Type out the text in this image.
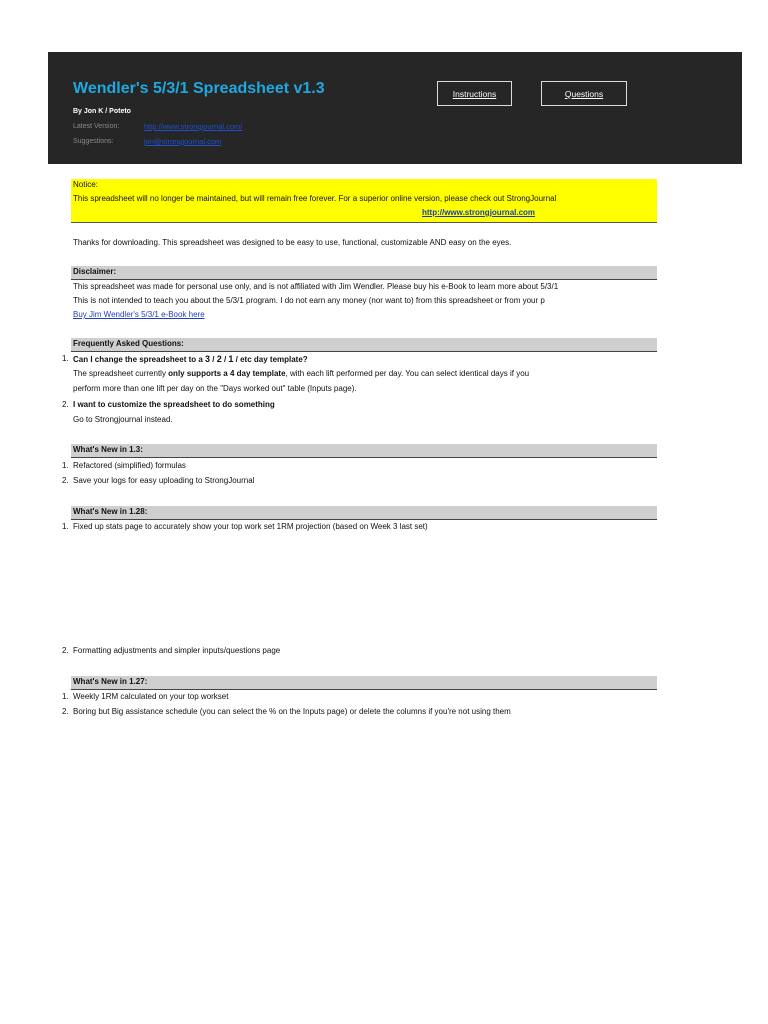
Wendler's 5/3/1 Spreadsheet v1.3
By Jon K / Poteto
Latest Version:	http://www.strongjournal.com/
Suggestions:	jon@strongjournal.com
Instructions	Questions
Notice:
This spreadsheet will no longer be maintained, but will remain free forever. For a superior online version, please check out StrongJournal
http://www.strongjournal.com
Thanks for downloading. This spreadsheet was designed to be easy to use, functional, customizable AND easy on the eyes.
Disclaimer:
This spreadsheet was made for personal use only, and is not affiliated with Jim Wendler. Please buy his e-Book to learn more about 5/3/1
This is not intended to teach you about the 5/3/1 program. I do not earn any money (nor want to) from this spreadsheet or from your p
Buy Jim Wendler's 5/3/1 e-Book here
Frequently Asked Questions:
1. Can I change the spreadsheet to a 3 / 2 / 1 / etc day template?
The spreadsheet currently only supports a 4 day template, with each lift performed per day. You can select identical days if you
perform more than one lift per day on the "Days worked out" table (Inputs page).
2. I want to customize the spreadsheet to do something
Go to Strongjournal instead.
What's New in 1.3:
1. Refactored (simplified) formulas
2. Save your logs for easy uploading to StrongJournal
What's New in 1.28:
1. Fixed up stats page to accurately show your top work set 1RM projection (based on Week 3 last set)
2. Formatting adjustments and simpler inputs/questions page
What's New in 1.27:
1. Weekly 1RM calculated on your top workset
2. Boring but Big assistance schedule (you can select the % on the Inputs page) or delete the columns if you're not using them
